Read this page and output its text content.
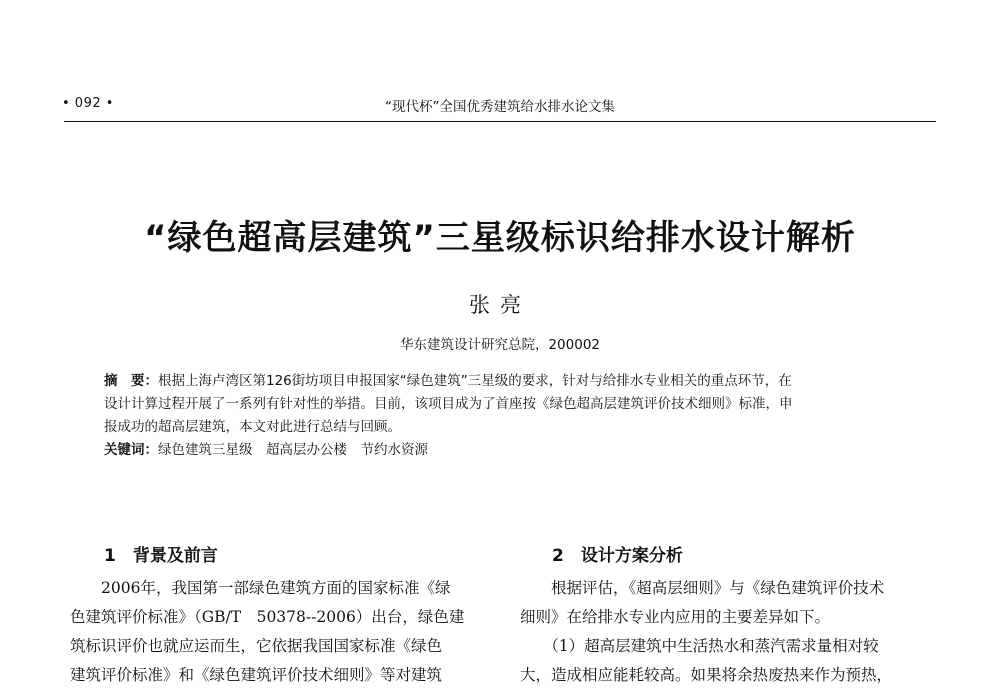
• 092 •	“现代杯”全国优秀建筑给水排水论文集
“绿色超高层建筑”三星级标识给排水设计解析
张亮
华东建筑设计研究总院，200002
摘　要：根据上海卢湾区第126街坊项目申报国家“绿色建筑”三星级的要求，针对与给排水专业相关的重点环节，在
设计计算过程开展了一系列有针对性的举措。目前，该项目成为了首座按《绿色超高层建筑评价技术细则》标准，申
报成功的超高层建筑，本文对此进行总结与回顾。
关键词：绿色建筑三星级　超高层办公楼　节约水资源
1　背景及前言
　　2006年，我国第一部绿色建筑方面的国家标准《绿
色建筑评价标准》（GB/T　50378--2006）出台，绿色建
筑标识评价也就应运而生，它依据我国国家标准《绿色
建筑评价标准》和《绿色建筑评价技术细则》等对建筑
2　设计方案分析
　　根据评估，《超高层细则》与《绿色建筑评价技术
细则》在给排水专业内应用的主要差异如下。
　　（1）超高层建筑中生活热水和蒸汽需求量相对较
大，造成相应能耗较高。如果将余热废热来作为预热，
